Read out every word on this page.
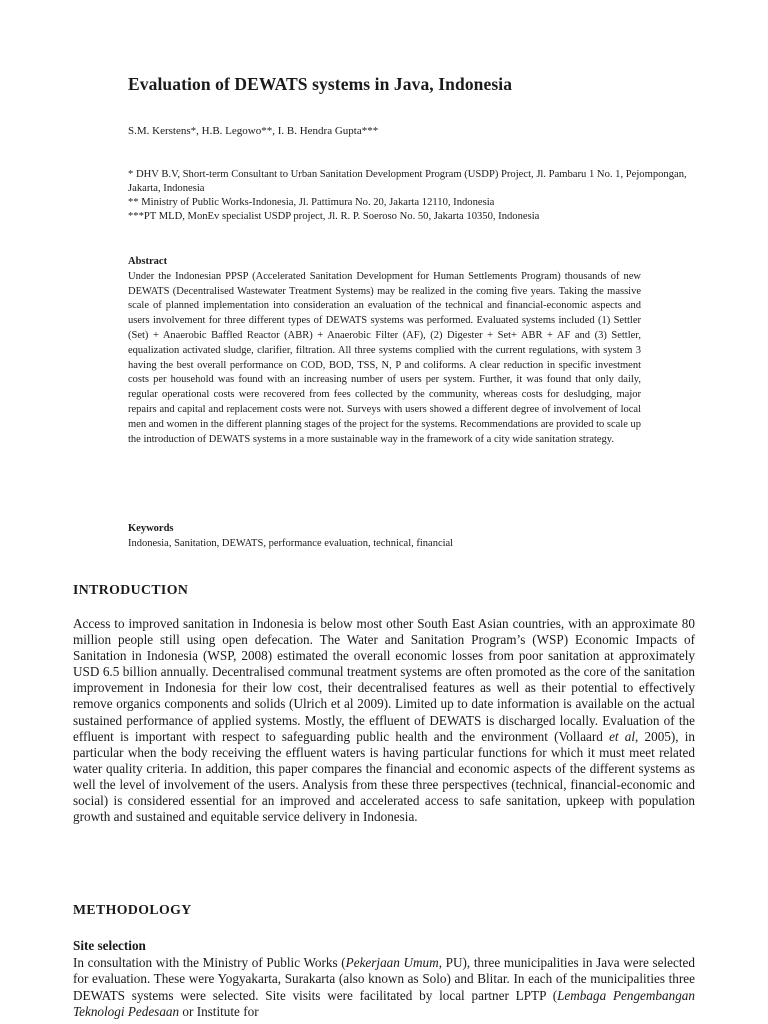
Evaluation of DEWATS systems in Java, Indonesia

S.M. Kerstens*, H.B. Legowo**, I. B. Hendra Gupta***

* DHV B.V, Short-term Consultant to Urban Sanitation Development Program (USDP) Project, Jl. Pambaru 1 No. 1, Pejompongan, Jakarta, Indonesia

** Ministry of Public Works-Indonesia, Jl. Pattimura No. 20, Jakarta 12110, Indonesia

***PT MLD, MonEv specialist USDP project, Jl. R. P. Soeroso No. 50, Jakarta 10350, Indonesia

Abstract

Under the Indonesian PPSP (Accelerated Sanitation Development for Human Settlements Program) thousands of new DEWATS (Decentralised Wastewater Treatment Systems) may be realized in the coming five years. Taking the massive scale of planned implementation into consideration an evaluation of the technical and financial-economic aspects and users involvement for three different types of DEWATS systems was performed. Evaluated systems included (1) Settler (Set) + Anaerobic Baffled Reactor (ABR) + Anaerobic Filter (AF), (2) Digester + Set+ ABR + AF and (3) Settler, equalization activated sludge, clarifier, filtration. All three systems complied with the current regulations, with system 3 having the best overall performance on COD, BOD, TSS, N, P and coliforms. A clear reduction in specific investment costs per household was found with an increasing number of users per system. Further, it was found that only daily, regular operational costs were recovered from fees collected by the community, whereas costs for desludging, major repairs and capital and replacement costs were not. Surveys with users showed a different degree of involvement of local men and women in the different planning stages of the project for the systems. Recommendations are provided to scale up the introduction of DEWATS systems in a more sustainable way in the framework of a city wide sanitation strategy.

Keywords

Indonesia, Sanitation, DEWATS, performance evaluation, technical, financial

INTRODUCTION

Access to improved sanitation in Indonesia is below most other South East Asian countries, with an approximate 80 million people still using open defecation. The Water and Sanitation Program’s (WSP) Economic Impacts of Sanitation in Indonesia (WSP, 2008) estimated the overall economic losses from poor sanitation at approximately USD 6.5 billion annually. Decentralised communal treatment systems are often promoted as the core of the sanitation improvement in Indonesia for their low cost, their decentralised features as well as their potential to effectively remove organics components and solids (Ulrich et al 2009). Limited up to date information is available on the actual sustained performance of applied systems. Mostly, the effluent of DEWATS is discharged locally. Evaluation of the effluent is important with respect to safeguarding public health and the environment (Vollaard et al, 2005), in particular when the body receiving the effluent waters is having particular functions for which it must meet related water quality criteria. In addition, this paper compares the financial and economic aspects of the different systems as well the level of involvement of the users. Analysis from these three perspectives (technical, financial-economic and social) is considered essential for an improved and accelerated access to safe sanitation, upkeep with population growth and sustained and equitable service delivery in Indonesia.

METHODOLOGY
Site selection

In consultation with the Ministry of Public Works (Pekerjaan Umum, PU), three municipalities in Java were selected for evaluation. These were Yogyakarta, Surakarta (also known as Solo) and Blitar. In each of the municipalities three DEWATS systems were selected. Site visits were facilitated by local partner LPTP (Lembaga Pengembangan Teknologi Pedesaan or Institute for
